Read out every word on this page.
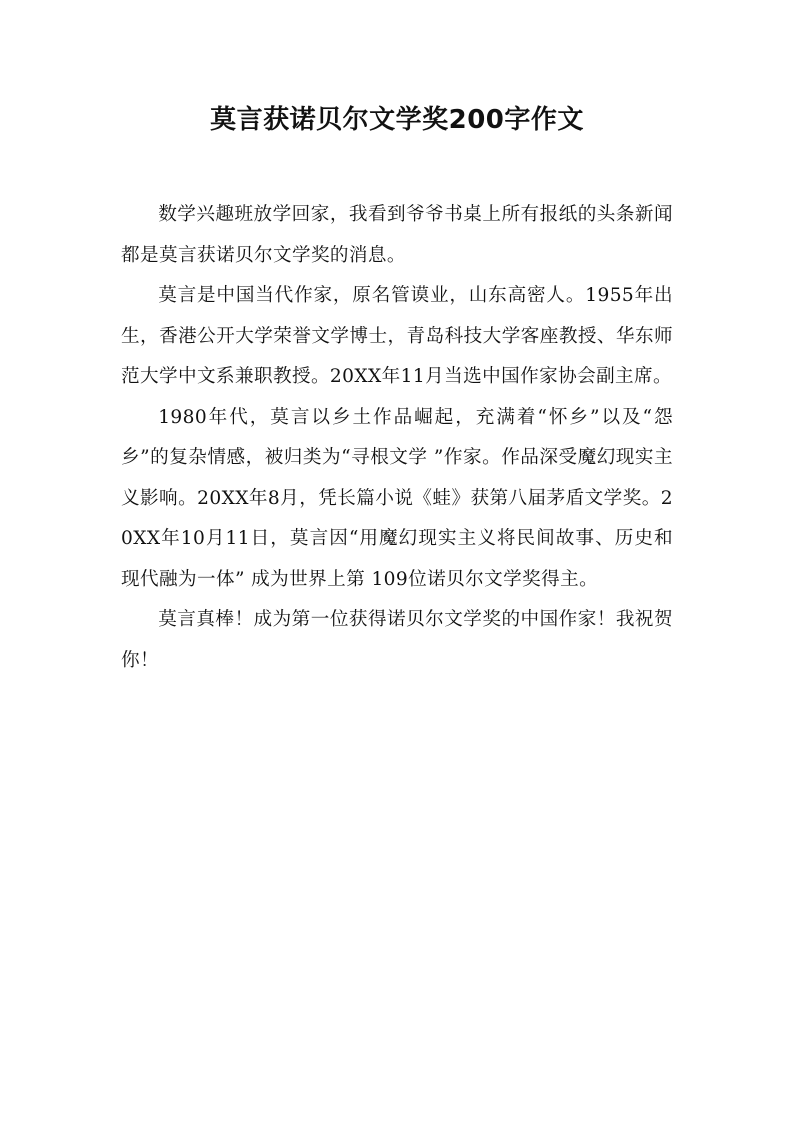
莫言获诺贝尔文学奖200字作文

数学兴趣班放学回家，我看到爷爷书桌上所有报纸的头条新闻都是莫言获诺贝尔文学奖的消息。

莫言是中国当代作家，原名管谟业，山东高密人。1955年出生，香港公开大学荣誉文学博士，青岛科技大学客座教授、华东师范大学中文系兼职教授。20XX年11月当选中国作家协会副主席。

1980年代，莫言以乡土作品崛起，充满着“怀乡”以及“怨乡”的复杂情感，被归类为“寻根文学 ”作家。作品深受魔幻现实主义影响。20XX年8月，凭长篇小说《蛙》获第八届茅盾文学奖。20XX年10月11日，莫言因“用魔幻现实主义将民间故事、历史和现代融为一体” 成为世界上第 109位诺贝尔文学奖得主。

莫言真棒！成为第一位获得诺贝尔文学奖的中国作家！我祝贺你！
